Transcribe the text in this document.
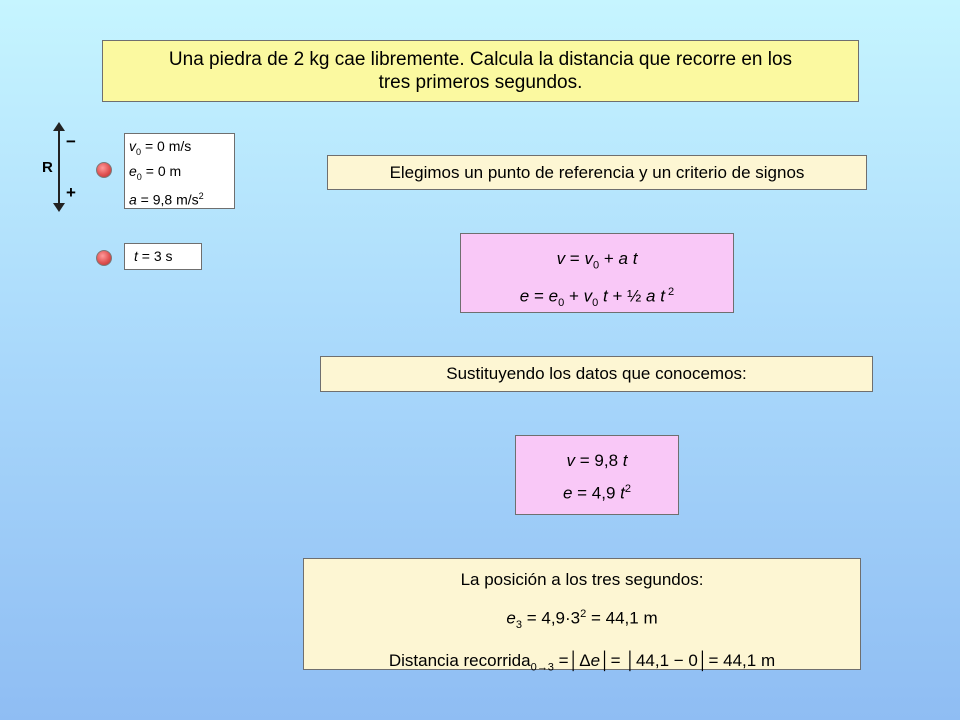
Una piedra de 2 kg cae libremente. Calcula la distancia que recorre en los
tres primeros segundos.
−
R
+
$v_0 = 0$ m/s
$e_0 = 0$ m
a = 9,8 $m/s^2$
t = 3 s
Elegimos un punto de referencia y un criterio de signos
$v = v_0 + a$ t
$e = e_0 + v_0$ t + ½ a t $^2$
Sustituyendo los datos que conocemos:
v = 9,8 t
e = 4,9 $t^2$
La posición a los tres segundos:
$e_3 = 4,9\cdot 3^2 = 44,1$ m
Distancia recorrida$_{0\to 3}$ =│Δe│= │44,1 − 0│= 44,1 m
